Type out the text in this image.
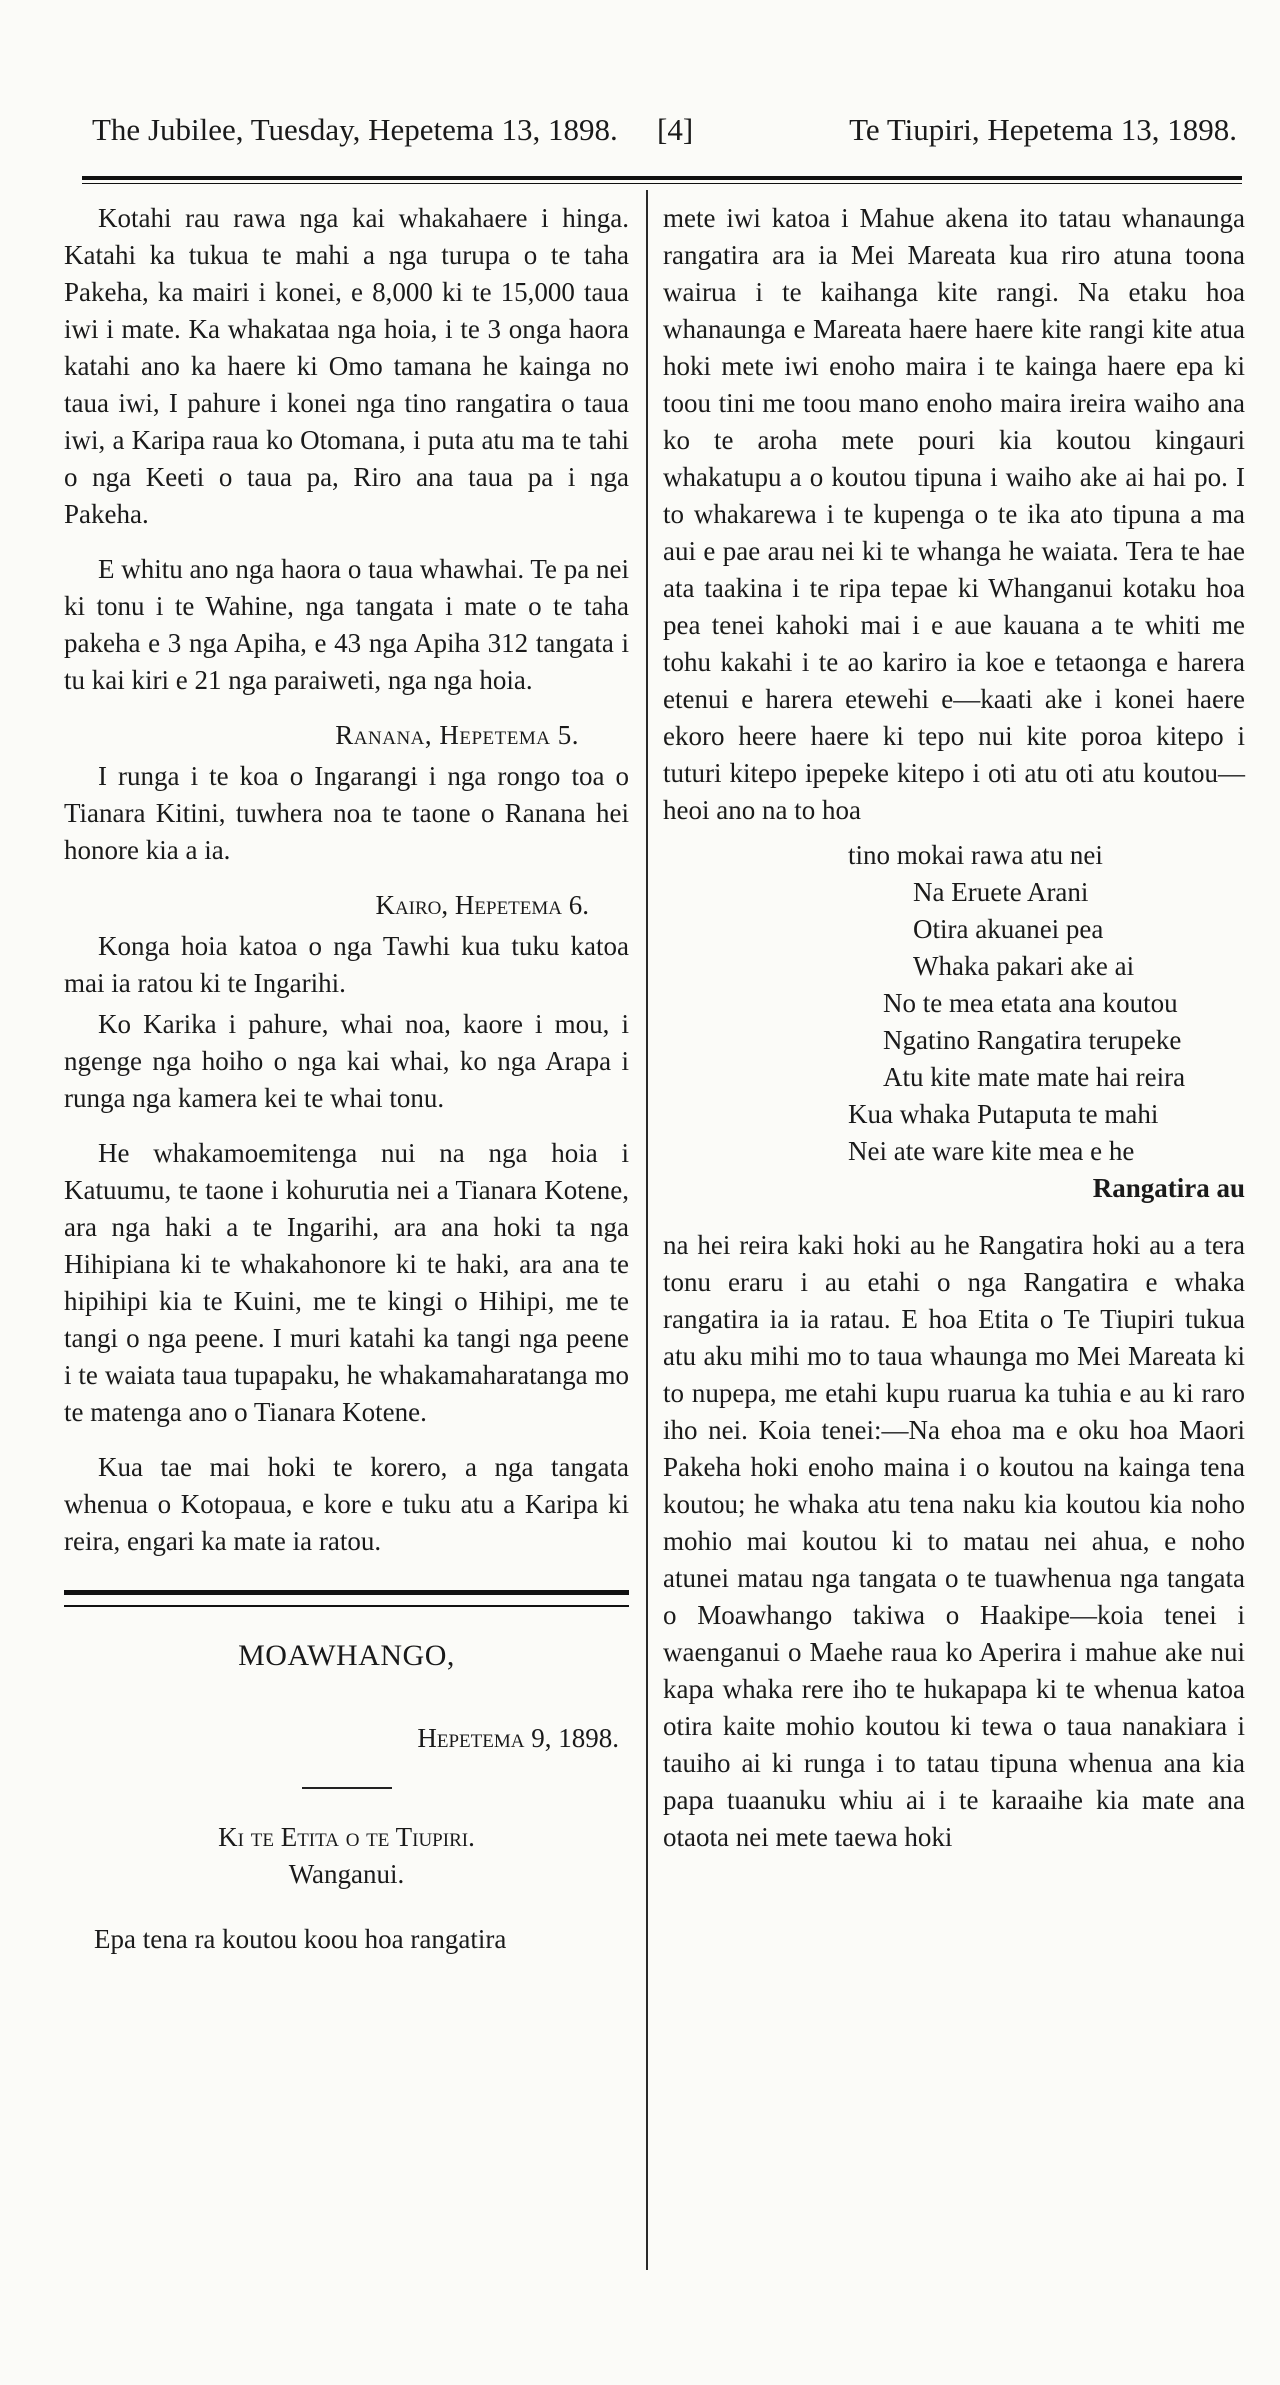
The Jubilee, Tuesday, Hepetema 13, 1898. [4]	Te Tiupiri, Hepetema 13, 1898.

Kotahi rau rawa nga kai whakahaere i hinga. Katahi ka tukua te mahi a nga turupa o te taha Pakeha, ka mairi i konei, e 8,000 ki te 15,000 taua iwi i mate. Ka whakataa nga hoia, i te 3 onga haora katahi ano ka haere ki Omo tamana he kainga no taua iwi, I pahure i konei nga tino rangatira o taua iwi, a Karipa raua ko Otomana, i puta atu ma te tahi o nga Keeti o taua pa, Riro ana taua pa i nga Pakeha.

E whitu ano nga haora o taua whawhai. Te pa nei ki tonu i te Wahine, nga tangata i mate o te taha pakeha e 3 nga Apiha, e 43 nga Apiha 312 tangata i tu kai kiri e 21 nga paraiweti, nga nga hoia.

Ranana, Hepetema 5.

I runga i te koa o Ingarangi i nga rongo toa o Tianara Kitini, tuwhera noa te taone o Ranana hei honore kia a ia.

Kairo, Hepetema 6.

Konga hoia katoa o nga Tawhi kua tuku katoa mai ia ratou ki te Ingarihi.

Ko Karika i pahure, whai noa, kaore i mou, i ngenge nga hoiho o nga kai whai, ko nga Arapa i runga nga kamera kei te whai tonu.

He whakamoemitenga nui na nga hoia i Katuumu, te taone i kohurutia nei a Tianara Kotene, ara nga haki a te Ingarihi, ara ana hoki ta nga Hihipiana ki te whakahonore ki te haki, ara ana te hipihipi kia te Kuini, me te kingi o Hihipi, me te tangi o nga peene. I muri katahi ka tangi nga peene i te waiata taua tupapaku, he whakamaharatanga mo te matenga ano o Tianara Kotene.

Kua tae mai hoki te korero, a nga tangata whenua o Kotopaua, e kore e tuku atu a Karipa ki reira, engari ka mate ia ratou.

MOAWHANGO,
Hepetema 9, 1898.
Ki te Etita o te Tiupiri.
Wanganui.

Epa tena ra koutou koou hoa rangatira

mete iwi katoa i Mahue akena ito tatau whanaunga rangatira ara ia Mei Mareata kua riro atuna toona wairua i te kaihanga kite rangi. Na etaku hoa whanaunga e Mareata haere haere kite rangi kite atua hoki mete iwi enoho maira i te kainga haere epa ki toou tini me toou mano enoho maira ireira waiho ana ko te aroha mete pouri kia koutou kingauri whakatupu a o koutou tipuna i waiho ake ai hai po. I to whakarewa i te kupenga o te ika ato tipuna a ma aui e pae arau nei ki te whanga he waiata. Tera te hae ata taakina i te ripa tepae ki Whanganui kotaku hoa pea tenei kahoki mai i e aue kauana a te whiti me tohu kakahi i te ao kariro ia koe e tetaonga e harera etenui e harera etewehi e—kaati ake i konei haere ekoro heere haere ki tepo nui kite poroa kitepo i tuturi kitepo ipepeke kitepo i oti atu oti atu koutou—heoi ano na to hoa

tino mokai rawa atu nei
Na Eruete Arani
Otira akuanei pea
Whaka pakari ake ai
No te mea etata ana koutou
Ngatino Rangatira terupeke
Atu kite mate mate hai reira
Kua whaka Putaputa te mahi
Nei ate ware kite mea e he
Rangatira au

na hei reira kaki hoki au he Rangatira hoki au a tera tonu eraru i au etahi o nga Rangatira e whaka rangatira ia ia ratau. E hoa Etita o Te Tiupiri tukua atu aku mihi mo to taua whaunga mo Mei Mareata ki to nupepa, me etahi kupu ruarua ka tuhia e au ki raro iho nei. Koia tenei:—Na ehoa ma e oku hoa Maori Pakeha hoki enoho maina i o koutou na kainga tena koutou; he whaka atu tena naku kia koutou kia noho mohio mai koutou ki to matau nei ahua, e noho atunei matau nga tangata o te tuawhenua nga tangata o Moawhango takiwa o Haakipe—koia tenei i waenganui o Maehe raua ko Aperira i mahue ake nui kapa whaka rere iho te hukapapa ki te whenua katoa otira kaite mohio koutou ki tewa o taua nanakiara i tauiho ai ki runga i to tatau tipuna whenua ana kia papa tuaanuku whiu ai i te karaaihe kia mate ana otaota nei mete taewa hoki
